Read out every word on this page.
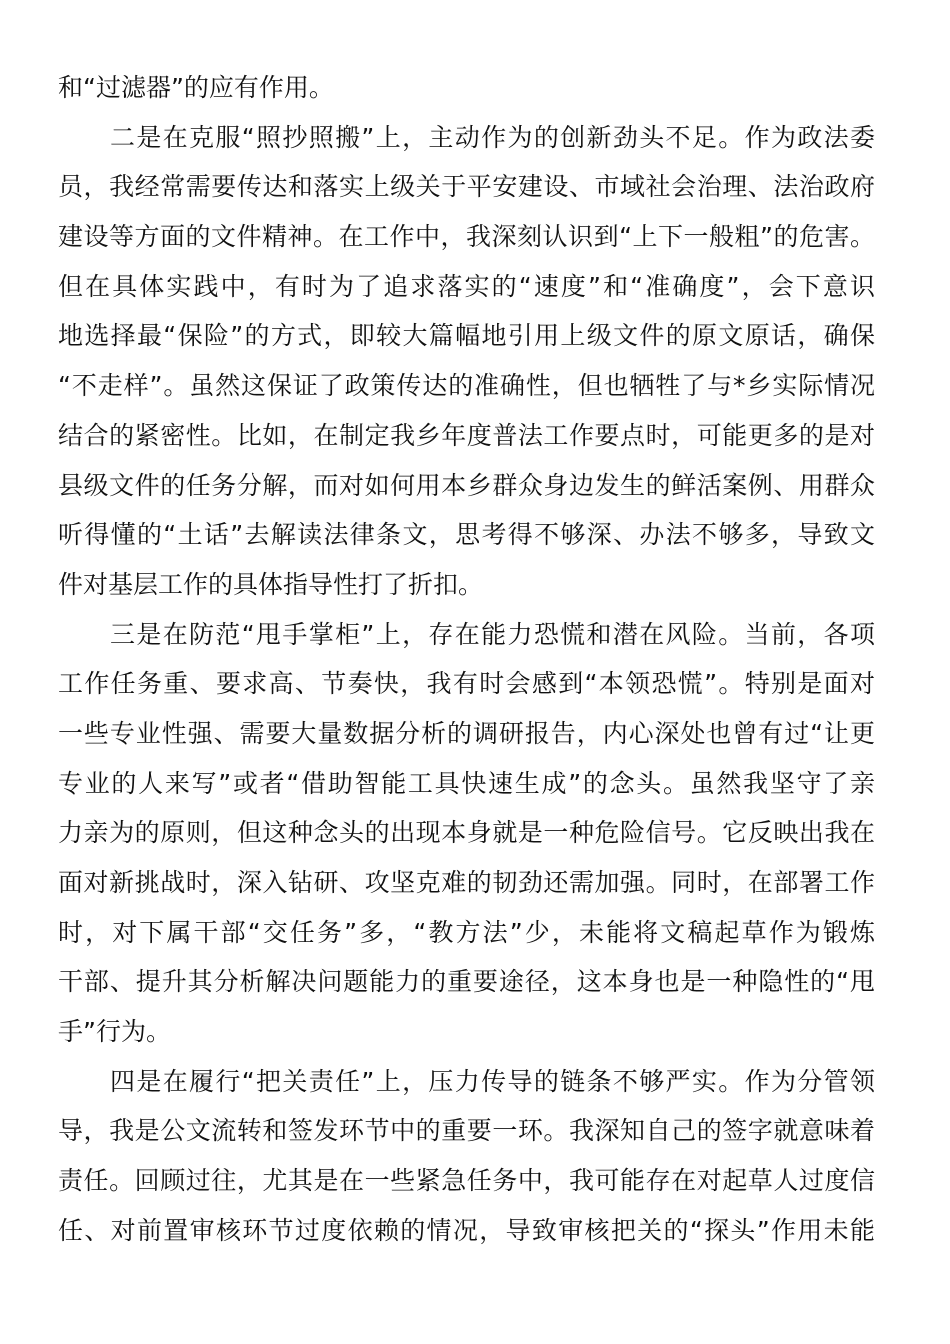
和“过滤器”的应有作用。
二是在克服“照抄照搬”上，主动作为的创新劲头不足。作为政法委
员，我经常需要传达和落实上级关于平安建设、市域社会治理、法治政府
建设等方面的文件精神。在工作中，我深刻认识到“上下一般粗”的危害。
但在具体实践中，有时为了追求落实的“速度”和“准确度”，会下意识
地选择最“保险”的方式，即较大篇幅地引用上级文件的原文原话，确保
“不走样”。虽然这保证了政策传达的准确性，但也牺牲了与*乡实际情况
结合的紧密性。比如，在制定我乡年度普法工作要点时，可能更多的是对
县级文件的任务分解，而对如何用本乡群众身边发生的鲜活案例、用群众
听得懂的“土话”去解读法律条文，思考得不够深、办法不够多，导致文
件对基层工作的具体指导性打了折扣。
三是在防范“甩手掌柜”上，存在能力恐慌和潜在风险。当前，各项
工作任务重、要求高、节奏快，我有时会感到“本领恐慌”。特别是面对
一些专业性强、需要大量数据分析的调研报告，内心深处也曾有过“让更
专业的人来写”或者“借助智能工具快速生成”的念头。虽然我坚守了亲
力亲为的原则，但这种念头的出现本身就是一种危险信号。它反映出我在
面对新挑战时，深入钻研、攻坚克难的韧劲还需加强。同时，在部署工作
时，对下属干部“交任务”多，“教方法”少，未能将文稿起草作为锻炼
干部、提升其分析解决问题能力的重要途径，这本身也是一种隐性的“甩
手”行为。
四是在履行“把关责任”上，压力传导的链条不够严实。作为分管领
导，我是公文流转和签发环节中的重要一环。我深知自己的签字就意味着
责任。回顾过往，尤其是在一些紧急任务中，我可能存在对起草人过度信
任、对前置审核环节过度依赖的情况，导致审核把关的“探头”作用未能
